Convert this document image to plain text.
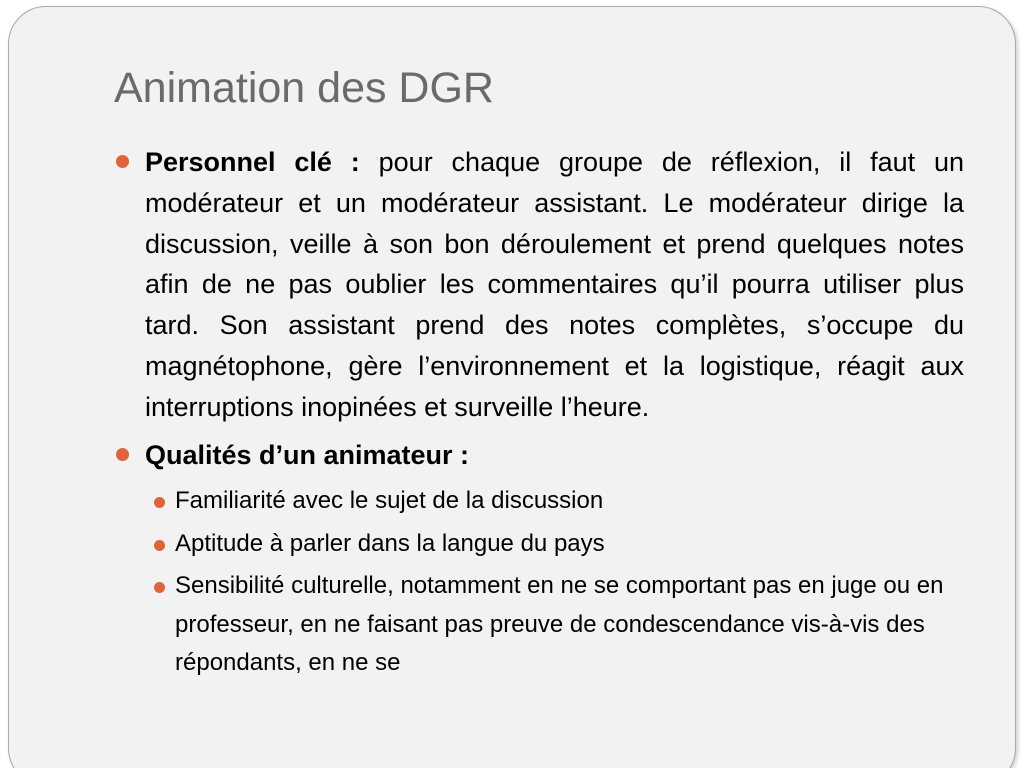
Animation des DGR

Personnel clé : pour chaque groupe de réflexion, il faut un modérateur et un modérateur assistant. Le modérateur dirige la discussion, veille à son bon déroulement et prend quelques notes afin de ne pas oublier les commentaires qu’il pourra utiliser plus tard. Son assistant prend des notes complètes, s’occupe du magnétophone, gère l’environnement et la logistique, réagit aux interruptions inopinées et surveille l’heure.

Qualités d’un animateur :

Familiarité avec le sujet de la discussion

Aptitude à parler dans la langue du pays

Sensibilité culturelle, notamment en ne se comportant pas en juge ou en professeur, en ne faisant pas preuve de condescendance vis-à-vis des répondants, en ne se
